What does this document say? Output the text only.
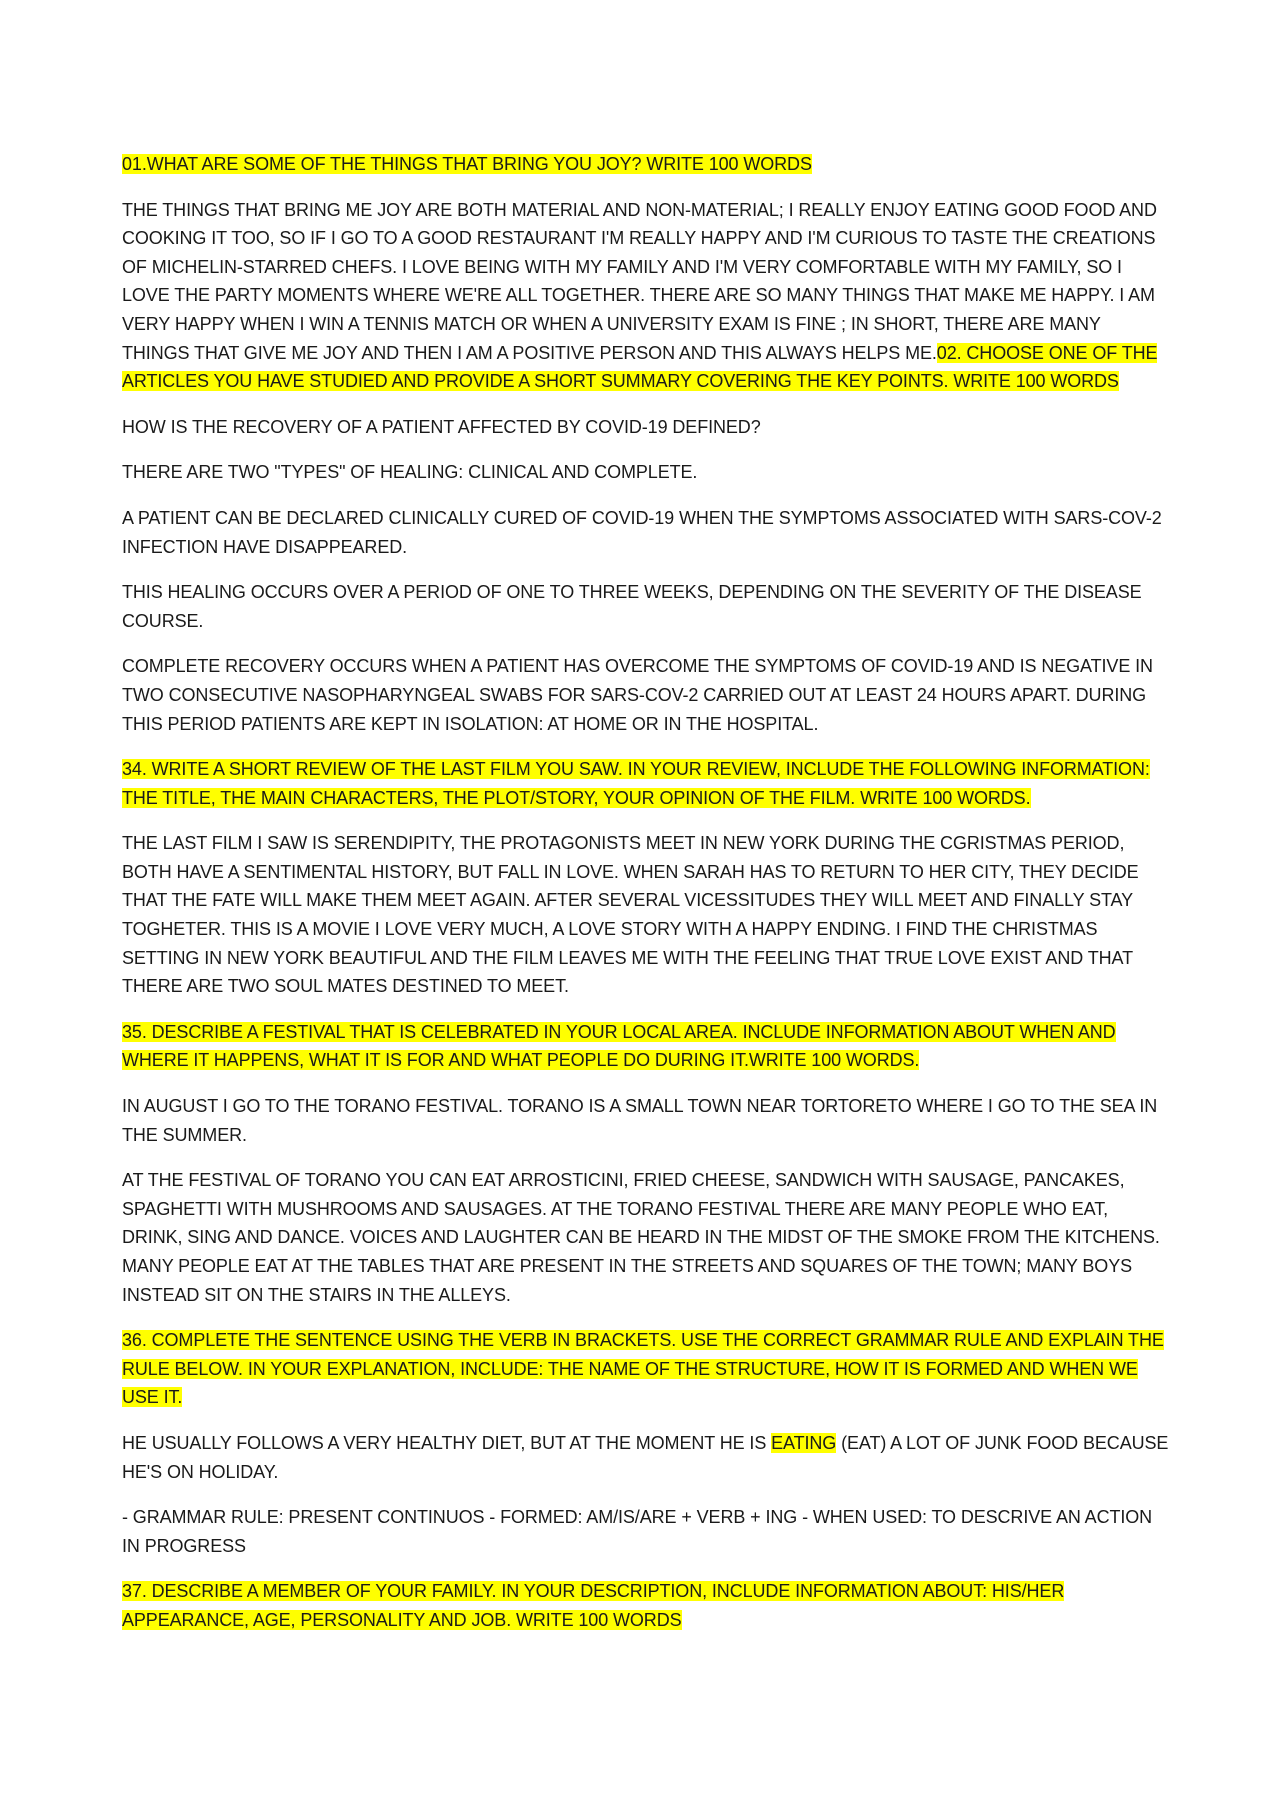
01.WHAT ARE SOME OF THE THINGS THAT BRING YOU JOY? WRITE 100 WORDS

THE THINGS THAT BRING ME JOY ARE BOTH MATERIAL AND NON-MATERIAL; I REALLY ENJOY EATING GOOD FOOD AND COOKING IT TOO, SO IF I GO TO A GOOD RESTAURANT I'M REALLY HAPPY AND I'M CURIOUS TO TASTE THE CREATIONS OF MICHELIN-STARRED CHEFS. I LOVE BEING WITH MY FAMILY AND I'M VERY COMFORTABLE WITH MY FAMILY, SO I LOVE THE PARTY MOMENTS WHERE WE'RE ALL TOGETHER. THERE ARE SO MANY THINGS THAT MAKE ME HAPPY. I AM VERY HAPPY WHEN I WIN A TENNIS MATCH OR WHEN A UNIVERSITY EXAM IS FINE ; IN SHORT, THERE ARE MANY THINGS THAT GIVE ME JOY AND THEN I AM A POSITIVE PERSON AND THIS ALWAYS HELPS ME.02. CHOOSE ONE OF THE ARTICLES YOU HAVE STUDIED AND PROVIDE A SHORT SUMMARY COVERING THE KEY POINTS. WRITE 100 WORDS

HOW IS THE RECOVERY OF A PATIENT AFFECTED BY COVID-19 DEFINED?

THERE ARE TWO "TYPES" OF HEALING: CLINICAL AND COMPLETE.

A PATIENT CAN BE DECLARED CLINICALLY CURED OF COVID-19 WHEN THE SYMPTOMS ASSOCIATED WITH SARS-COV-2 INFECTION HAVE DISAPPEARED.

THIS HEALING OCCURS OVER A PERIOD OF ONE TO THREE WEEKS, DEPENDING ON THE SEVERITY OF THE DISEASE COURSE.

COMPLETE RECOVERY OCCURS WHEN A PATIENT HAS OVERCOME THE SYMPTOMS OF COVID-19 AND IS NEGATIVE IN TWO CONSECUTIVE NASOPHARYNGEAL SWABS FOR SARS-COV-2 CARRIED OUT AT LEAST 24 HOURS APART. DURING THIS PERIOD PATIENTS ARE KEPT IN ISOLATION: AT HOME OR IN THE HOSPITAL.

34. WRITE A SHORT REVIEW OF THE LAST FILM YOU SAW. IN YOUR REVIEW, INCLUDE THE FOLLOWING INFORMATION: THE TITLE, THE MAIN CHARACTERS, THE PLOT/STORY, YOUR OPINION OF THE FILM. WRITE 100 WORDS.

THE LAST FILM I SAW IS SERENDIPITY, THE PROTAGONISTS MEET IN NEW YORK DURING THE CGRISTMAS PERIOD, BOTH HAVE A SENTIMENTAL HISTORY, BUT FALL IN LOVE. WHEN SARAH HAS TO RETURN TO HER CITY, THEY DECIDE THAT THE FATE WILL MAKE THEM MEET AGAIN. AFTER SEVERAL VICESSITUDES THEY WILL MEET AND FINALLY STAY TOGHETER. THIS IS A MOVIE I LOVE VERY MUCH, A LOVE STORY WITH A HAPPY ENDING. I FIND THE CHRISTMAS SETTING IN NEW YORK BEAUTIFUL AND THE FILM LEAVES ME WITH THE FEELING THAT TRUE LOVE EXIST AND THAT THERE ARE TWO SOUL MATES DESTINED TO MEET.

35. DESCRIBE A FESTIVAL THAT IS CELEBRATED IN YOUR LOCAL AREA. INCLUDE INFORMATION ABOUT WHEN AND WHERE IT HAPPENS, WHAT IT IS FOR AND WHAT PEOPLE DO DURING IT.WRITE 100 WORDS.

IN AUGUST I GO TO THE TORANO FESTIVAL. TORANO IS A SMALL TOWN NEAR TORTORETO WHERE I GO TO THE SEA IN THE SUMMER.

AT THE FESTIVAL OF TORANO YOU CAN EAT ARROSTICINI, FRIED CHEESE, SANDWICH WITH SAUSAGE, PANCAKES, SPAGHETTI WITH MUSHROOMS AND SAUSAGES. AT THE TORANO FESTIVAL THERE ARE MANY PEOPLE WHO EAT, DRINK, SING AND DANCE. VOICES AND LAUGHTER CAN BE HEARD IN THE MIDST OF THE SMOKE FROM THE KITCHENS. MANY PEOPLE EAT AT THE TABLES THAT ARE PRESENT IN THE STREETS AND SQUARES OF THE TOWN; MANY BOYS INSTEAD SIT ON THE STAIRS IN THE ALLEYS.

36. COMPLETE THE SENTENCE USING THE VERB IN BRACKETS. USE THE CORRECT GRAMMAR RULE AND EXPLAIN THE RULE BELOW. IN YOUR EXPLANATION, INCLUDE: THE NAME OF THE STRUCTURE, HOW IT IS FORMED AND WHEN WE USE IT.

HE USUALLY FOLLOWS A VERY HEALTHY DIET, BUT AT THE MOMENT HE IS EATING (EAT) A LOT OF JUNK FOOD BECAUSE HE'S ON HOLIDAY.

- GRAMMAR RULE: PRESENT CONTINUOS - FORMED: AM/IS/ARE + VERB + ING - WHEN USED: TO DESCRIVE AN ACTION IN PROGRESS

37. DESCRIBE A MEMBER OF YOUR FAMILY. IN YOUR DESCRIPTION, INCLUDE INFORMATION ABOUT: HIS/HER APPEARANCE, AGE, PERSONALITY AND JOB. WRITE 100 WORDS
